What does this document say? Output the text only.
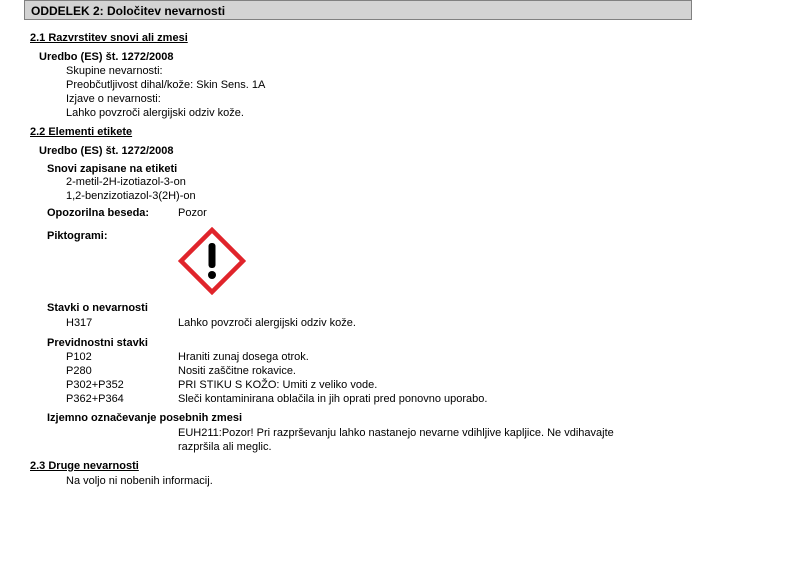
ODDELEK 2: Določitev nevarnosti
2.1 Razvrstitev snovi ali zmesi
Uredbo (ES) št. 1272/2008
Skupine nevarnosti:
Preobčutljivost dihal/kože: Skin Sens. 1A
Izjave o nevarnosti:
Lahko povzroči alergijski odziv kože.
2.2 Elementi etikete
Uredbo (ES) št. 1272/2008
Snovi zapisane na etiketi
2-metil-2H-izotiazol-3-on
1,2-benzizotiazol-3(2H)-on
Opozorilna beseda:	Pozor
Piktogrami:
Stavki o nevarnosti
H317	Lahko povzroči alergijski odziv kože.
Previdnostni stavki
P102	Hraniti zunaj dosega otrok.
P280	Nositi zaščitne rokavice.
P302+P352	PRI STIKU S KOŽO: Umiti z veliko vode.
P362+P364	Sleči kontaminirana oblačila in jih oprati pred ponovno uporabo.
Izjemno označevanje posebnih zmesi
EUH211:Pozor! Pri razprševanju lahko nastanejo nevarne vdihljive kapljice. Ne vdihavajte razpršila ali meglic.
2.3 Druge nevarnosti
Na voljo ni nobenih informacij.
